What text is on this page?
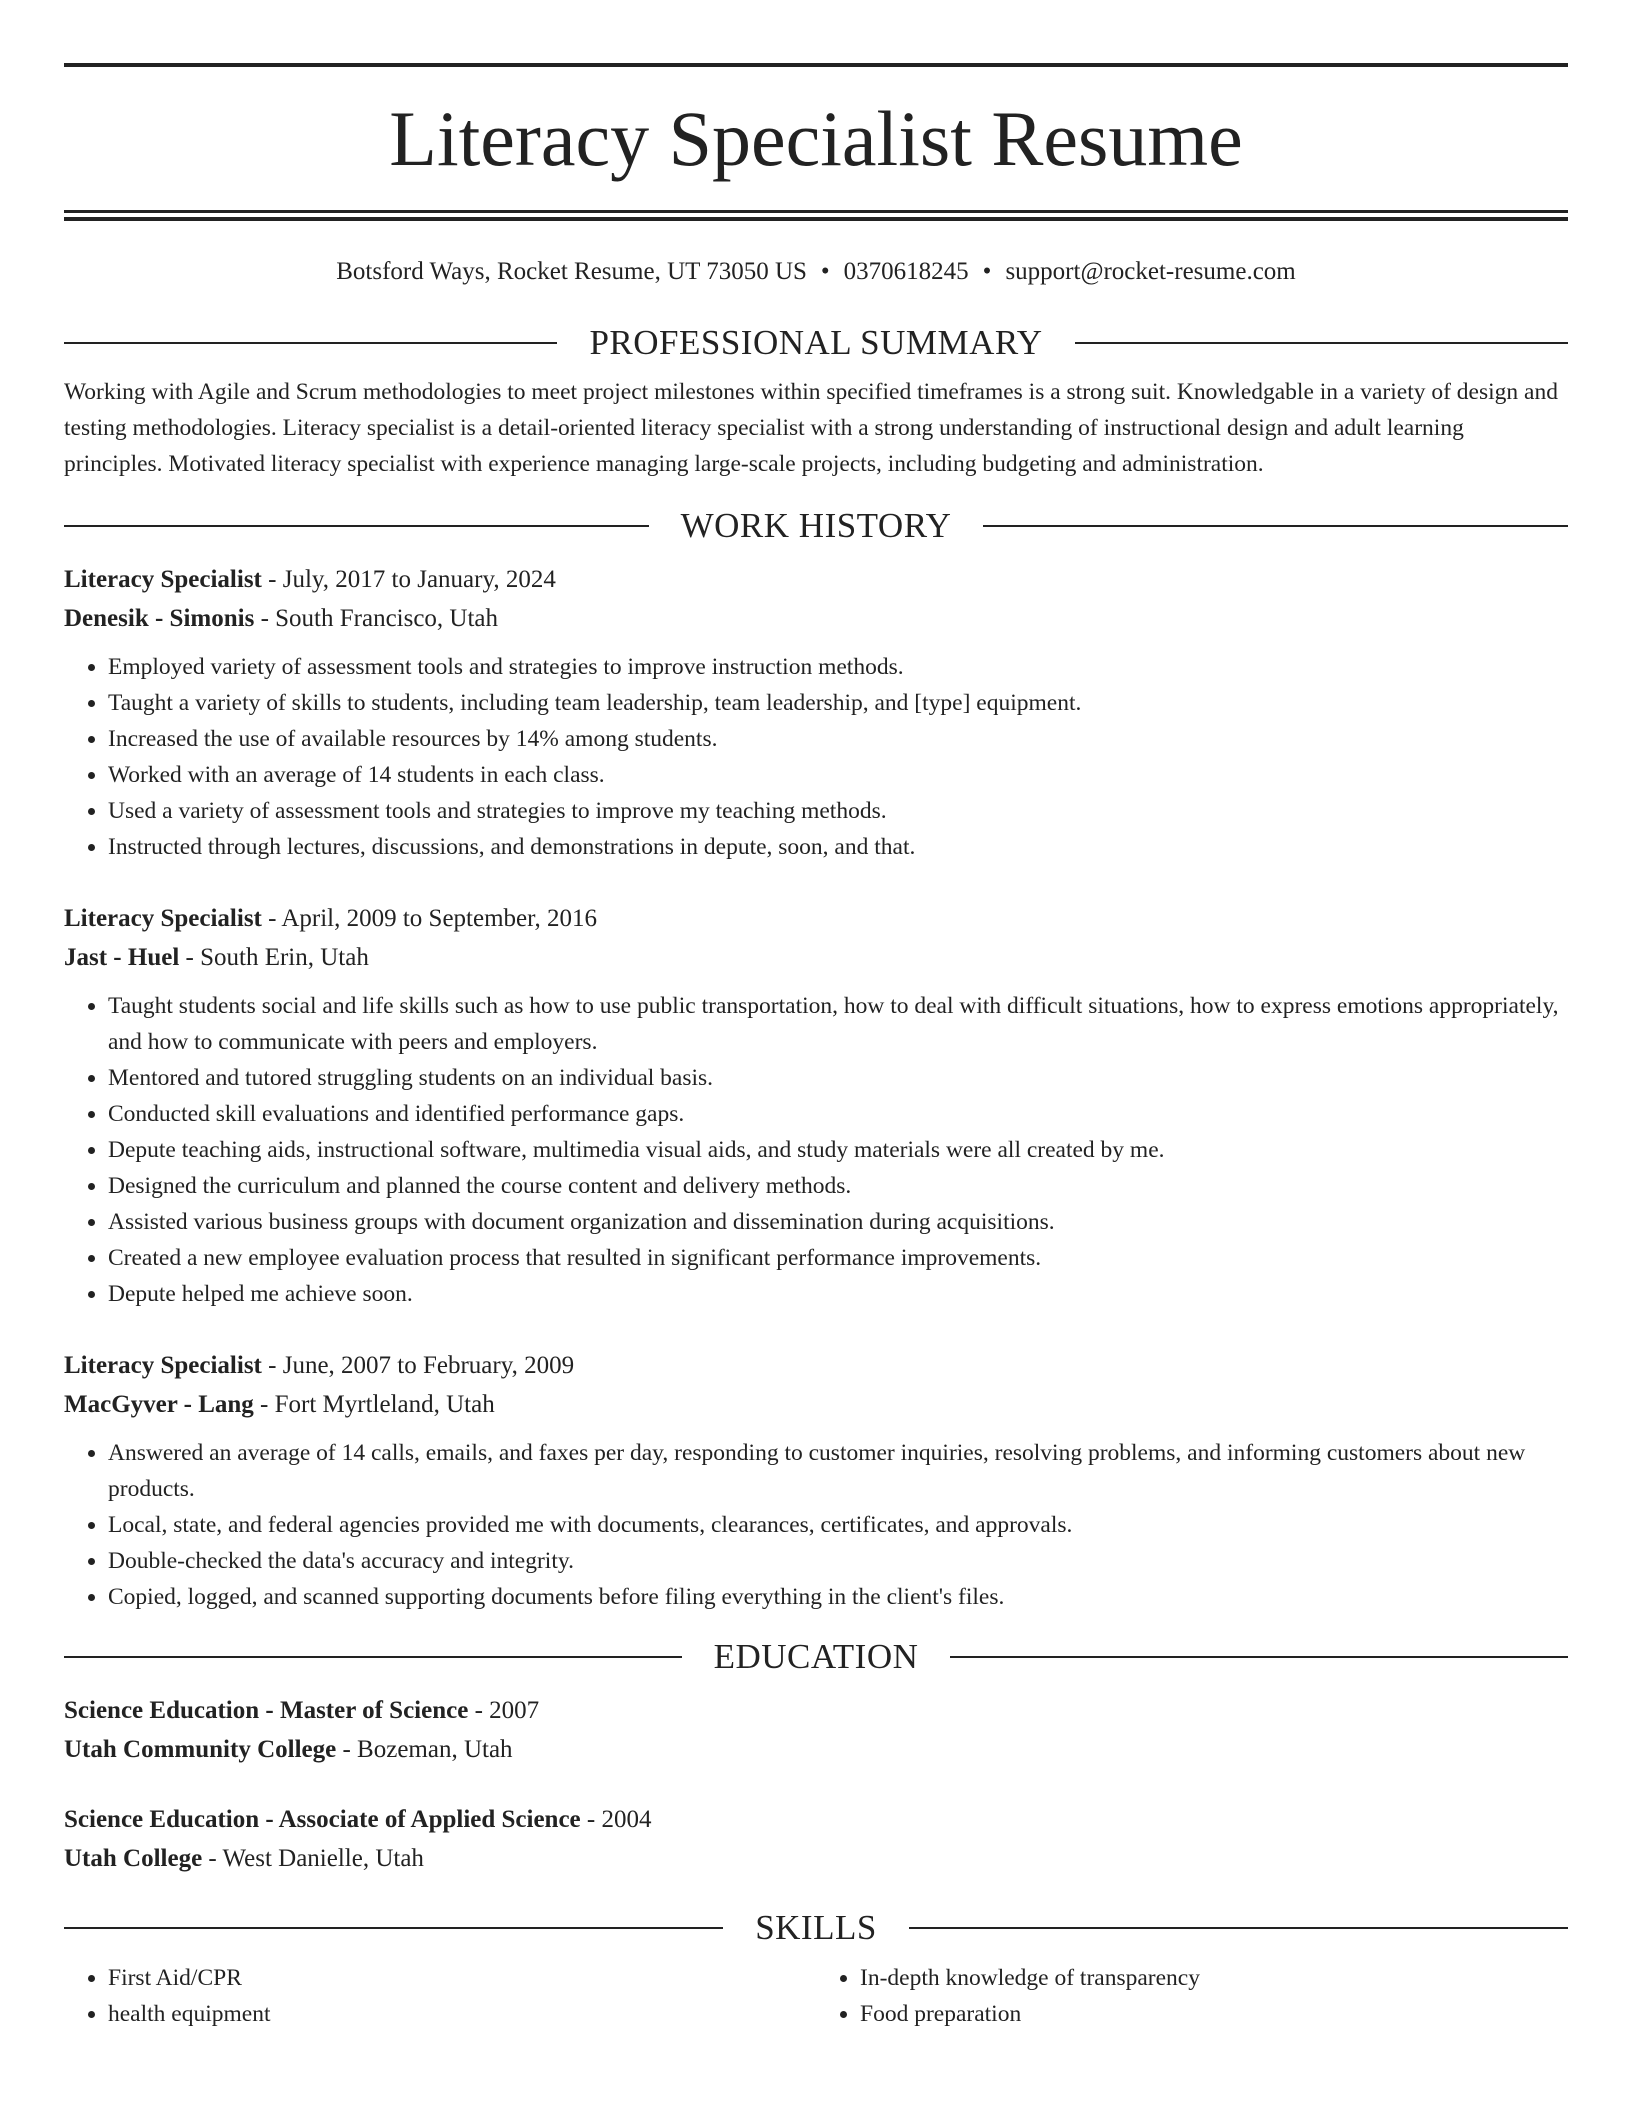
Literacy Specialist Resume
Botsford Ways, Rocket Resume, UT 73050 US • 0370618245 • support@rocket-resume.com
PROFESSIONAL SUMMARY
Working with Agile and Scrum methodologies to meet project milestones within specified timeframes is a strong suit. Knowledgable in a variety of design and testing methodologies. Literacy specialist is a detail-oriented literacy specialist with a strong understanding of instructional design and adult learning principles. Motivated literacy specialist with experience managing large-scale projects, including budgeting and administration.
WORK HISTORY
Literacy Specialist - July, 2017 to January, 2024
Denesik - Simonis - South Francisco, Utah
• Employed variety of assessment tools and strategies to improve instruction methods.
• Taught a variety of skills to students, including team leadership, team leadership, and [type] equipment.
• Increased the use of available resources by 14% among students.
• Worked with an average of 14 students in each class.
• Used a variety of assessment tools and strategies to improve my teaching methods.
• Instructed through lectures, discussions, and demonstrations in depute, soon, and that.
Literacy Specialist - April, 2009 to September, 2016
Jast - Huel - South Erin, Utah
• Taught students social and life skills such as how to use public transportation, how to deal with difficult situations, how to express emotions appropriately, and how to communicate with peers and employers.
• Mentored and tutored struggling students on an individual basis.
• Conducted skill evaluations and identified performance gaps.
• Depute teaching aids, instructional software, multimedia visual aids, and study materials were all created by me.
• Designed the curriculum and planned the course content and delivery methods.
• Assisted various business groups with document organization and dissemination during acquisitions.
• Created a new employee evaluation process that resulted in significant performance improvements.
• Depute helped me achieve soon.
Literacy Specialist - June, 2007 to February, 2009
MacGyver - Lang - Fort Myrtleland, Utah
• Answered an average of 14 calls, emails, and faxes per day, responding to customer inquiries, resolving problems, and informing customers about new products.
• Local, state, and federal agencies provided me with documents, clearances, certificates, and approvals.
• Double-checked the data's accuracy and integrity.
• Copied, logged, and scanned supporting documents before filing everything in the client's files.
EDUCATION
Science Education - Master of Science - 2007
Utah Community College - Bozeman, Utah
Science Education - Associate of Applied Science - 2004
Utah College - West Danielle, Utah
SKILLS
• First Aid/CPR
• health equipment
• In-depth knowledge of transparency
• Food preparation
